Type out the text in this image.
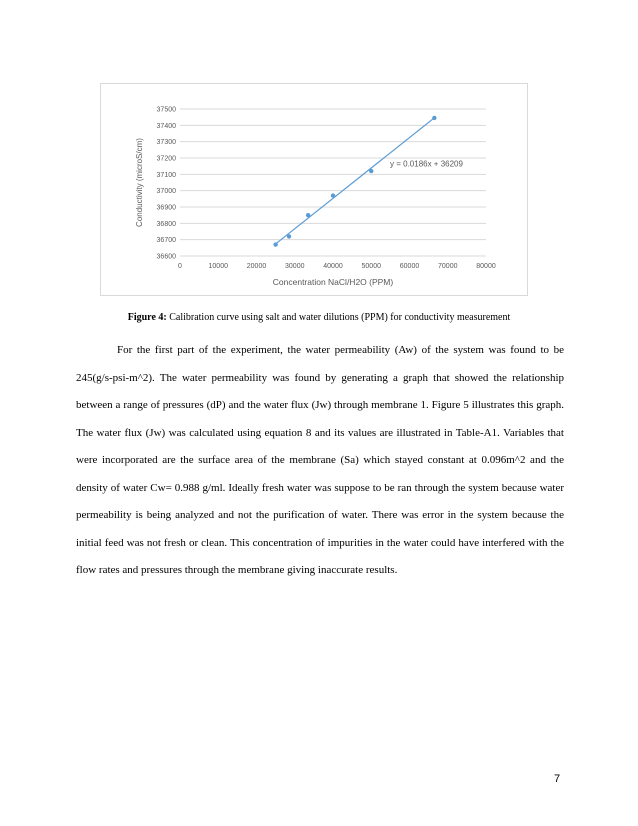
36600
36700
36800
36900
37000
37100
37200
37300
37400
37500
0	10000	20000	30000	40000	50000	60000	70000	80000
y = 0.0186x + 36209
Concentration NaCl/H2O (PPM)
Conductivity (microS/cm)
Figure 4: Calibration curve using salt and water dilutions (PPM) for conductivity measurement

For the first part of the experiment, the water permeability (Aw) of the system was found to be 245(g/s-psi-m^2). The water permeability was found by generating a graph that showed the relationship between a range of pressures (dP) and the water flux (Jw) through membrane 1. Figure 5 illustrates this graph. The water flux (Jw) was calculated using equation 8 and its values are illustrated in Table-A1. Variables that were incorporated are the surface area of the membrane (Sa) which stayed constant at 0.096m^2 and the density of water Cw= 0.988 g/ml. Ideally fresh water was suppose to be ran through the system because water permeability is being analyzed and not the purification of water. There was error in the system because the initial feed was not fresh or clean. This concentration of impurities in the water could have interfered with the flow rates and pressures through the membrane giving inaccurate results.

7
